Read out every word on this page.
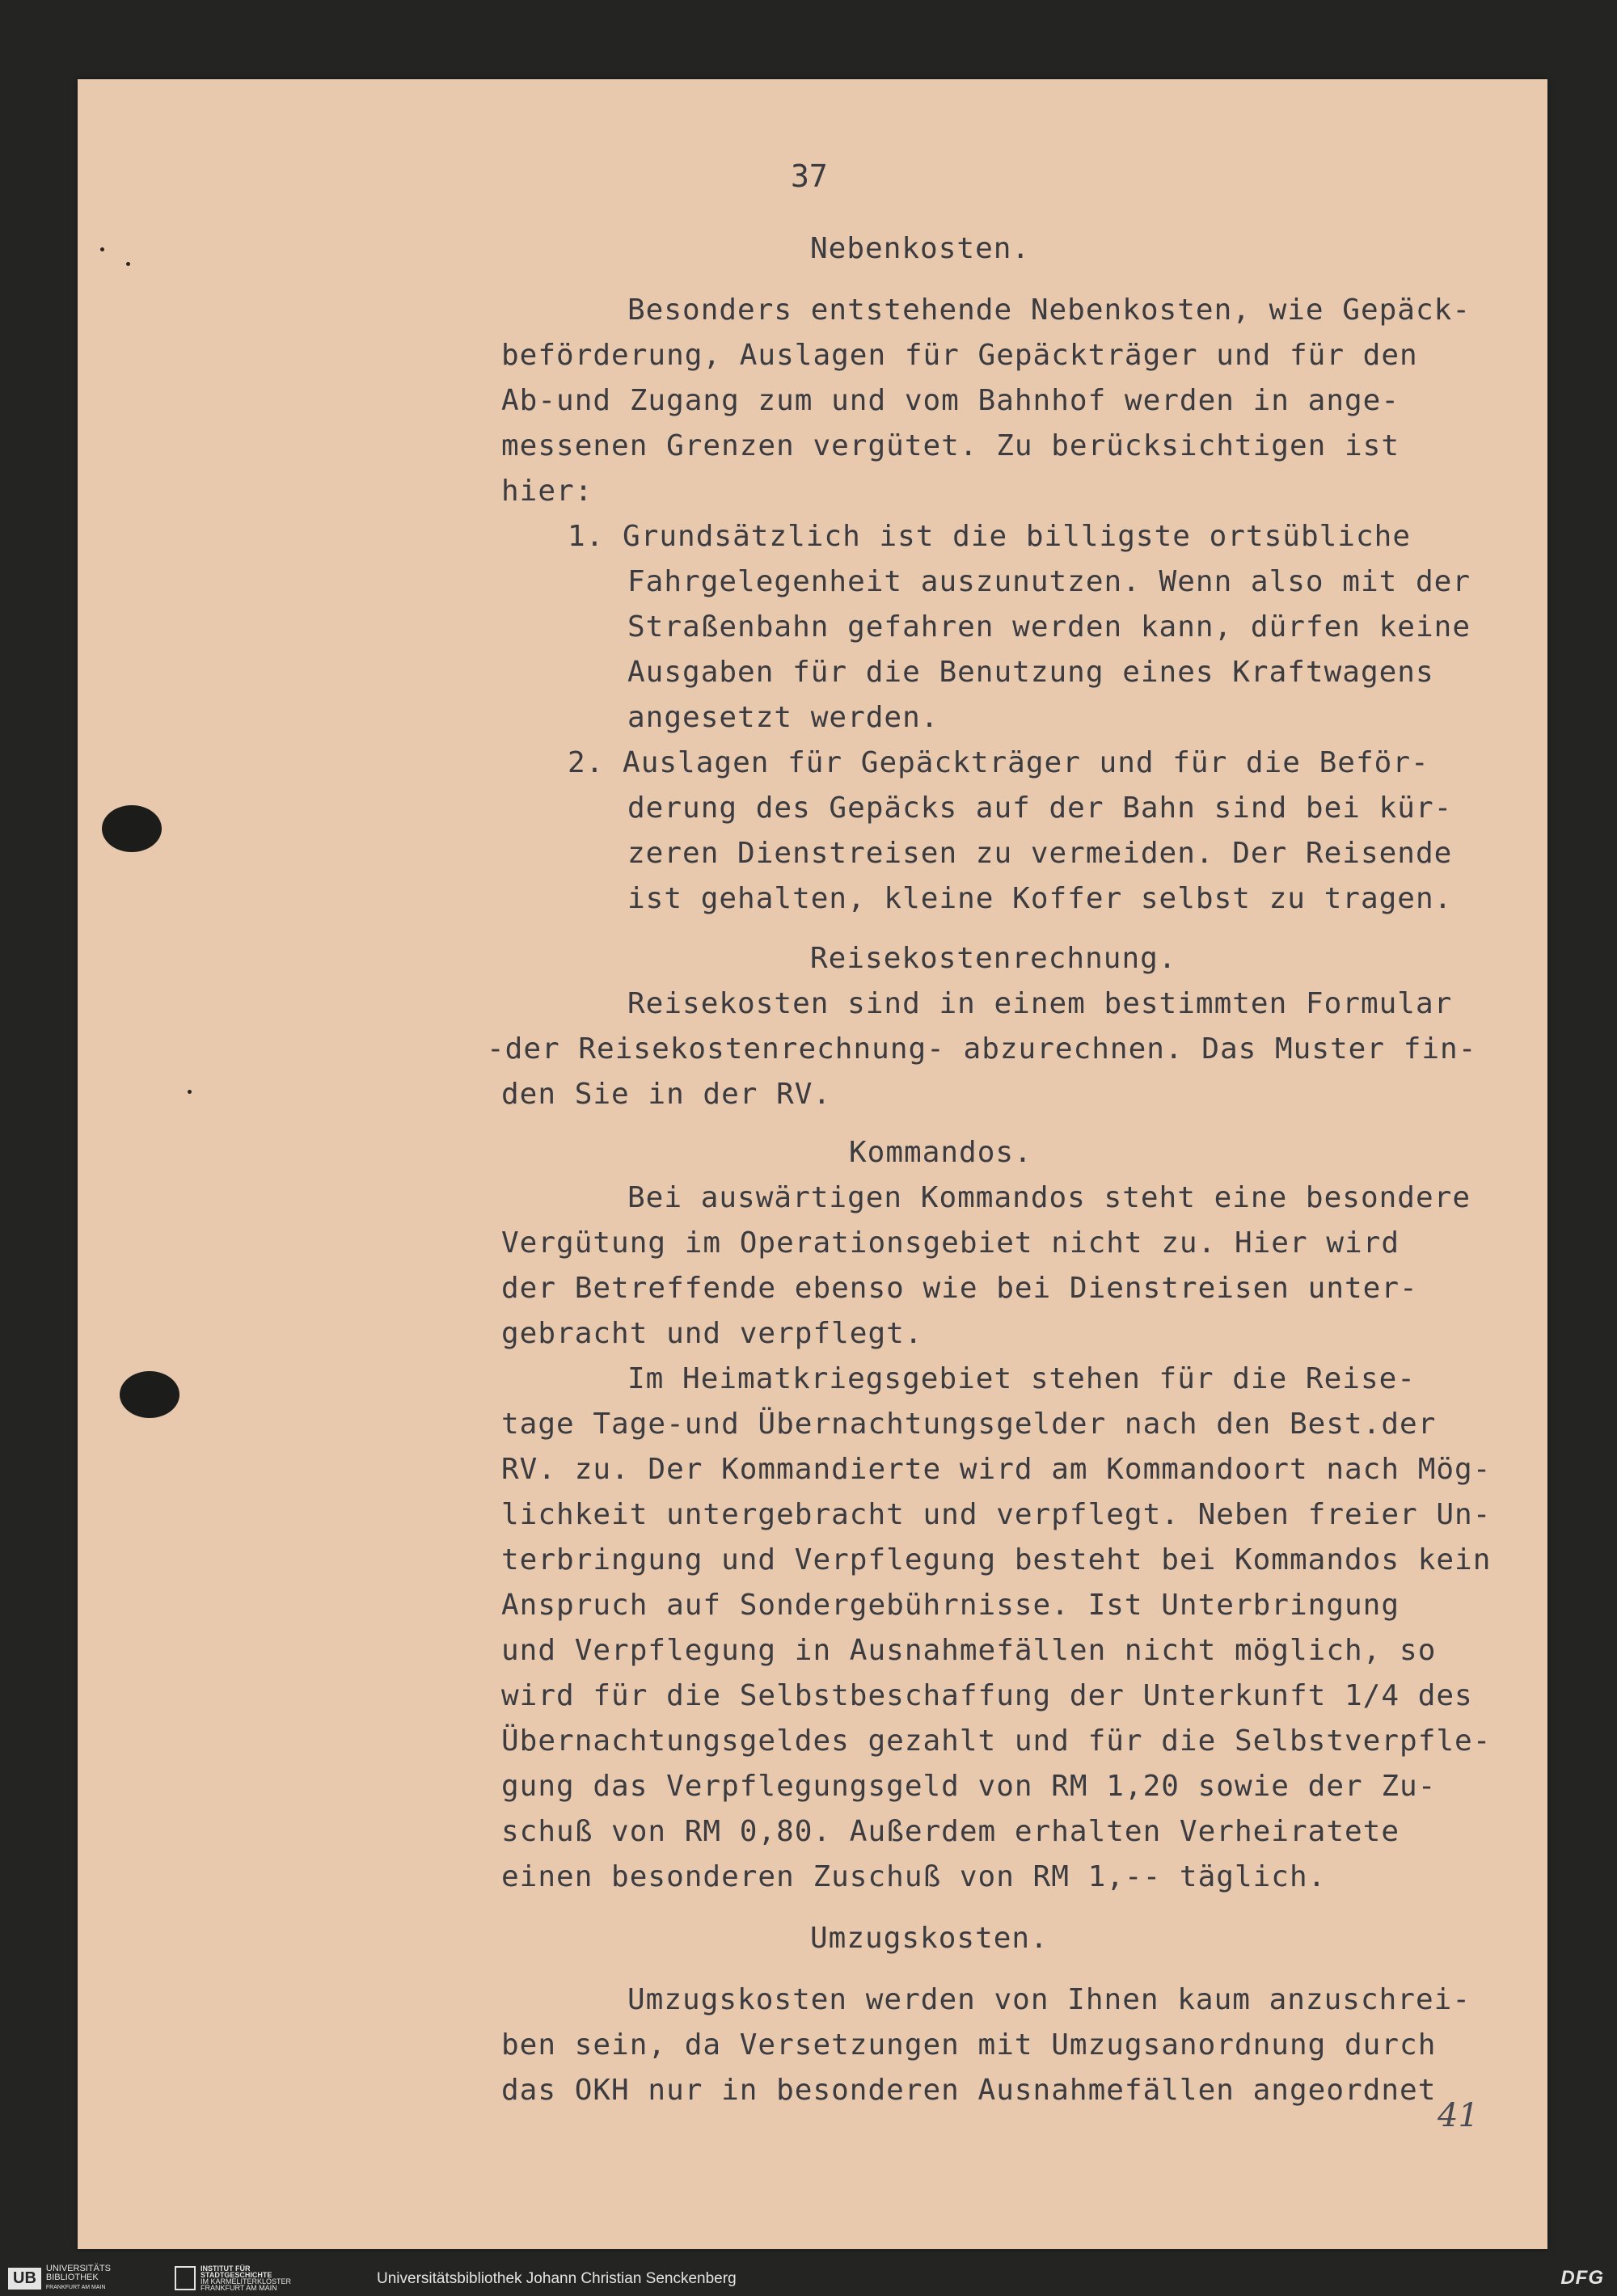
37
Nebenkosten.
Besonders entstehende Nebenkosten, wie Gepäck-
beförderung, Auslagen für Gepäckträger und für den
Ab-und Zugang zum und vom Bahnhof werden in ange-
messenen Grenzen vergütet. Zu berücksichtigen ist
hier:
1. Grundsätzlich ist die billigste ortsübliche
Fahrgelegenheit auszunutzen. Wenn also mit der
Straßenbahn gefahren werden kann, dürfen keine
Ausgaben für die Benutzung eines Kraftwagens
angesetzt werden.
2. Auslagen für Gepäckträger und für die Beför-
derung des Gepäcks auf der Bahn sind bei kür-
zeren Dienstreisen zu vermeiden. Der Reisende
ist gehalten, kleine Koffer selbst zu tragen.
Reisekostenrechnung.
Reisekosten sind in einem bestimmten Formular
-der Reisekostenrechnung- abzurechnen. Das Muster fin-
den Sie in der RV.
Kommandos.
Bei auswärtigen Kommandos steht eine besondere
Vergütung im Operationsgebiet nicht zu. Hier wird
der Betreffende ebenso wie bei Dienstreisen unter-
gebracht und verpflegt.
Im Heimatkriegsgebiet stehen für die Reise-
tage Tage-und Übernachtungsgelder nach den Best.der
RV. zu. Der Kommandierte wird am Kommandoort nach Mög-
lichkeit untergebracht und verpflegt. Neben freier Un-
terbringung und Verpflegung besteht bei Kommandos kein
Anspruch auf Sondergebührnisse. Ist Unterbringung
und Verpflegung in Ausnahmefällen nicht möglich, so
wird für die Selbstbeschaffung der Unterkunft 1/4 des
Übernachtungsgeldes gezahlt und für die Selbstverpfle-
gung das Verpflegungsgeld von RM 1,20 sowie der Zu-
schuß von RM 0,80. Außerdem erhalten Verheiratete
einen besonderen Zuschuß von RM 1,-- täglich.
Umzugskosten.
Umzugskosten werden von Ihnen kaum anzuschrei-
ben sein, da Versetzungen mit Umzugsanordnung durch
das OKH nur in besonderen Ausnahmefällen angeordnet
41
UB
UNIVERSITÄTS
BIBLIOTHEK
FRANKFURT AM MAIN
INSTITUT FÜR
STADTGESCHICHTE
IM KARMELITERKLOSTER
FRANKFURT AM MAIN
Universitätsbibliothek Johann Christian Senckenberg	DFG
